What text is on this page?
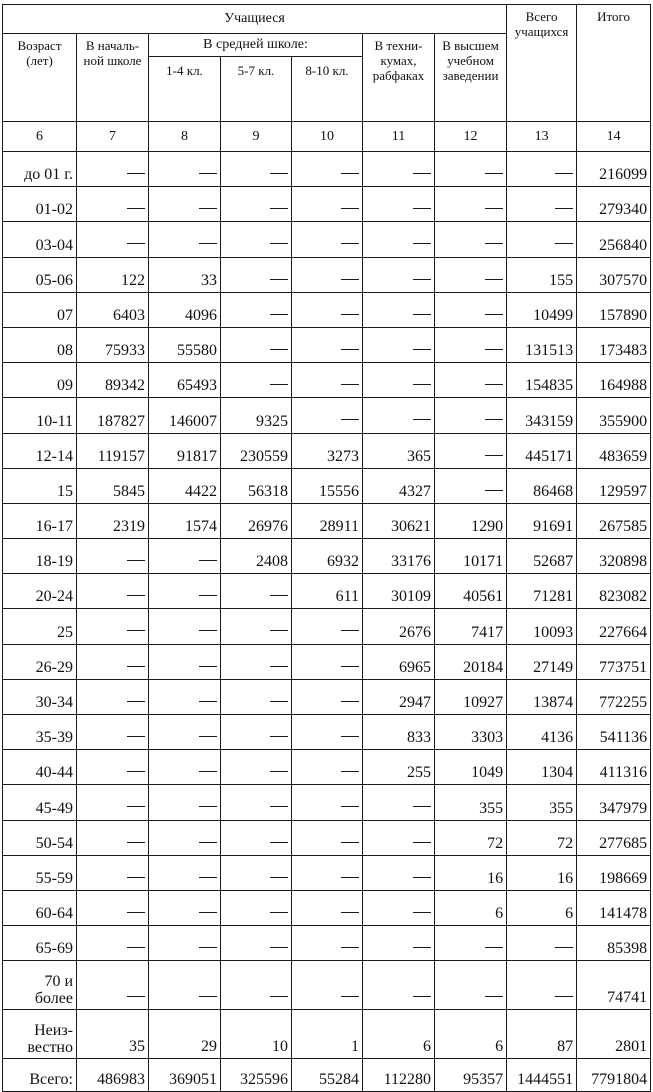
Учащиеся							Всего учащихся	Итого
Возраст (лет)	В началь-ной школе	В средней школе:			В техни-кумах, рабфаках	В высшем учебном заведении		
		1-4 кл.	5-7 кл.	8-10 кл.				
6	7	8	9	10	11	12	13	14
до 01 г.								216099
01-02								279340
03-04								256840
05-06	122	33					155	307570
07	6403	4096					10499	157890
08	75933	55580					131513	173483
09	89342	65493					154835	164988
10-11	187827	146007	9325				343159	355900
12-14	119157	91817	230559	3273	365		445171	483659
15	5845	4422	56318	15556	4327		86468	129597
16-17	2319	1574	26976	28911	30621	1290	91691	267585
18-19			2408	6932	33176	10171	52687	320898
20-24				611	30109	40561	71281	823082
25					2676	7417	10093	227664
26-29					6965	20184	27149	773751
30-34					2947	10927	13874	772255
35-39					833	3303	4136	541136
40-44					255	1049	1304	411316
45-49						355	355	347979
50-54						72	72	277685
55-59						16	16	198669
60-64						6	6	141478
65-69								85398
70 и более								74741
Неиз-вестно	35	29	10	1	6	6	87	2801
Всего:	486983	369051	325596	55284	112280	95357	1444551	7791804
